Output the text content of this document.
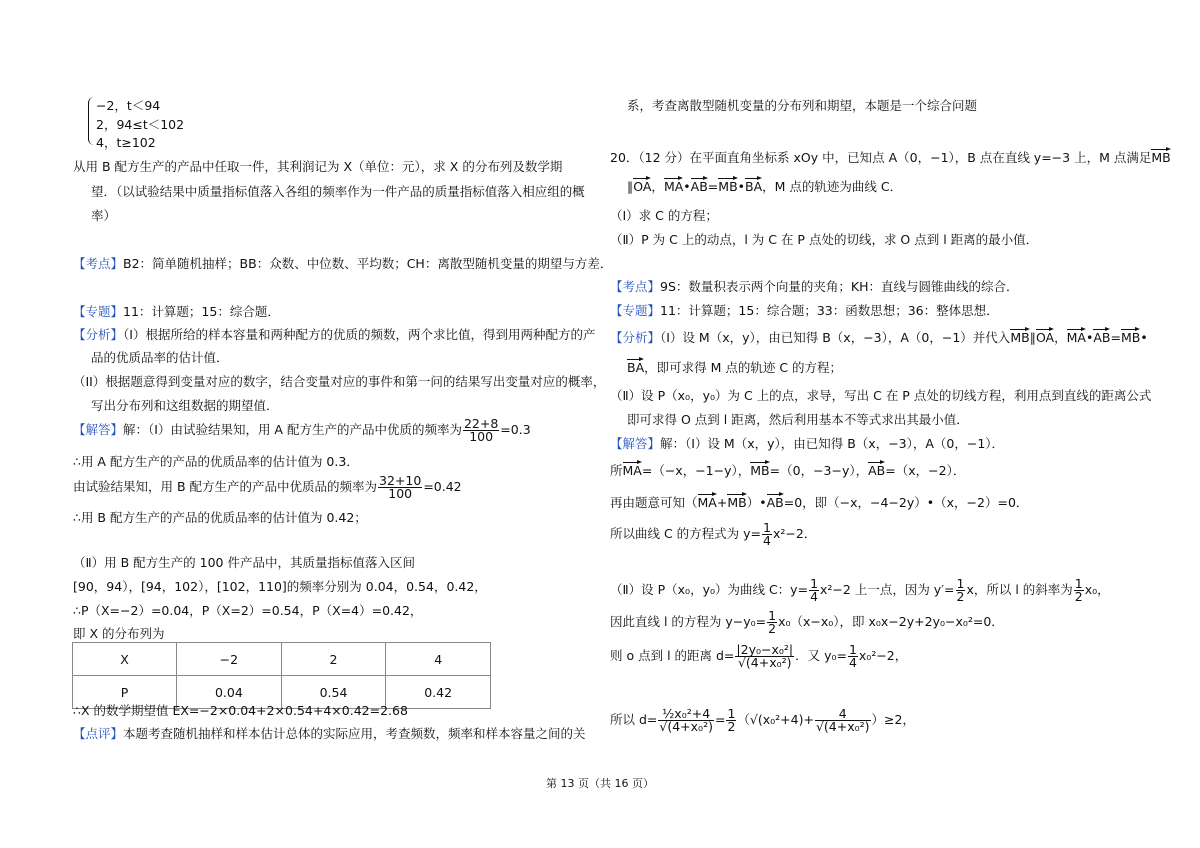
−2，t＜94
2，94≤t＜102
4，t≥102
从用 B 配方生产的产品中任取一件，其利润记为 X（单位：元），求 X 的分布列及数学期
望．（以试验结果中质量指标值落入各组的频率作为一件产品的质量指标值落入相应组的概
率）
【考点】B2：简单随机抽样；BB：众数、中位数、平均数；CH：离散型随机变量的期望与方差．
【专题】11：计算题；15：综合题．
【分析】（I）根据所给的样本容量和两种配方的优质的频数，两个求比值，得到用两种配方的产
品的优质品率的估计值．
（II）根据题意得到变量对应的数字，结合变量对应的事件和第一问的结果写出变量对应的概率，
写出分布列和这组数据的期望值．
【解答】解：（I）由试验结果知，用 A 配方生产的产品中优质的频率为 $\frac{22+8}{100} =0.3$
∴用 A 配方生产的产品的优质品率的估计值为 0.3．
由试验结果知，用 B 配方生产的产品中优质品的频率为 $\frac{32+10}{100} =0.42$
∴用 B 配方生产的产品的优质品率的估计值为 0.42；
（Ⅱ）用 B 配方生产的 100 件产品中，其质量指标值落入区间
[90，94），[94，102），[102，110]的频率分别为 0.04，0.54，0.42，
∴P（X=−2）=0.04，P（X=2）=0.54，P（X=4）=0.42，
即 X 的分布列为
X	−2	2	4
P	0.04	0.54	0.42
∴X 的数学期望值 EX=−2×0.04+2×0.54+4×0.42=2.68
【点评】本题考查随机抽样和样本估计总体的实际应用，考查频数，频率和样本容量之间的关
系，考查离散型随机变量的分布列和期望，本题是一个综合问题
20．（12 分）在平面直角坐标系 xOy 中，已知点 A（0，−1），B 点在直线 y=−3 上，M 点满足MB
∥OA，MA•AB=MB•BA，M 点的轨迹为曲线 C．
（Ⅰ）求 C 的方程；
（Ⅱ）P 为 C 上的动点，l 为 C 在 P 点处的切线，求 O 点到 l 距离的最小值．
【考点】9S：数量积表示两个向量的夹角；KH：直线与圆锥曲线的综合．
【专题】11：计算题；15：综合题；33：函数思想；36：整体思想．
【分析】（Ⅰ）设 M（x，y），由已知得 B（x，−3），A（0，−1）并代入MB∥OA，MA•AB=MB•
BA，即可求得 M 点的轨迹 C 的方程；
（Ⅱ）设 P（x₀，y₀）为 C 上的点，求导，写出 C 在 P 点处的切线方程，利用点到直线的距离公式
即可求得 O 点到 l 距离，然后利用基本不等式求出其最小值．
【解答】解：（Ⅰ）设 M（x，y），由已知得 B（x，−3），A（0，−1）．
所MA=（−x，−1−y），MB=（0，−3−y），AB=（x，−2）．
再由题意可知（MA+MB）•AB=0，即（−x，−4−2y）•（x，−2）=0．
所以曲线 C 的方程式为 $y= \frac{1}{4} x^2-2$．
（Ⅱ）设 P（x₀，y₀）为曲线 C：$y= \frac{1}{4} x^2-2$ 上一点，因为 $y'= \frac{1}{2}$ x，所以 l 的斜率为 $\frac{1}{2} x_0$，
因此直线 l 的方程为 $y-y_0= \frac{1}{2} x_0(x-x_0)$，即 x₀x−2y+2y₀−x₀²=0．
则 o 点到 l 的距离 $d= \frac{\text{|2y₀−x₀²|}}{\text{√(4+x₀²)}}$ ．又 $y_0= \frac{1}{4} x_0^2-2$，
所以 $d= \frac{\text{½x₀²+4}}{\text{√(4+x₀²)}} = \frac{1}{2} (√(x_0^2+4)+ \frac{4}{\text{√(4+x₀²)}} )\ge 2$，
第 13 页（共 16 页）
